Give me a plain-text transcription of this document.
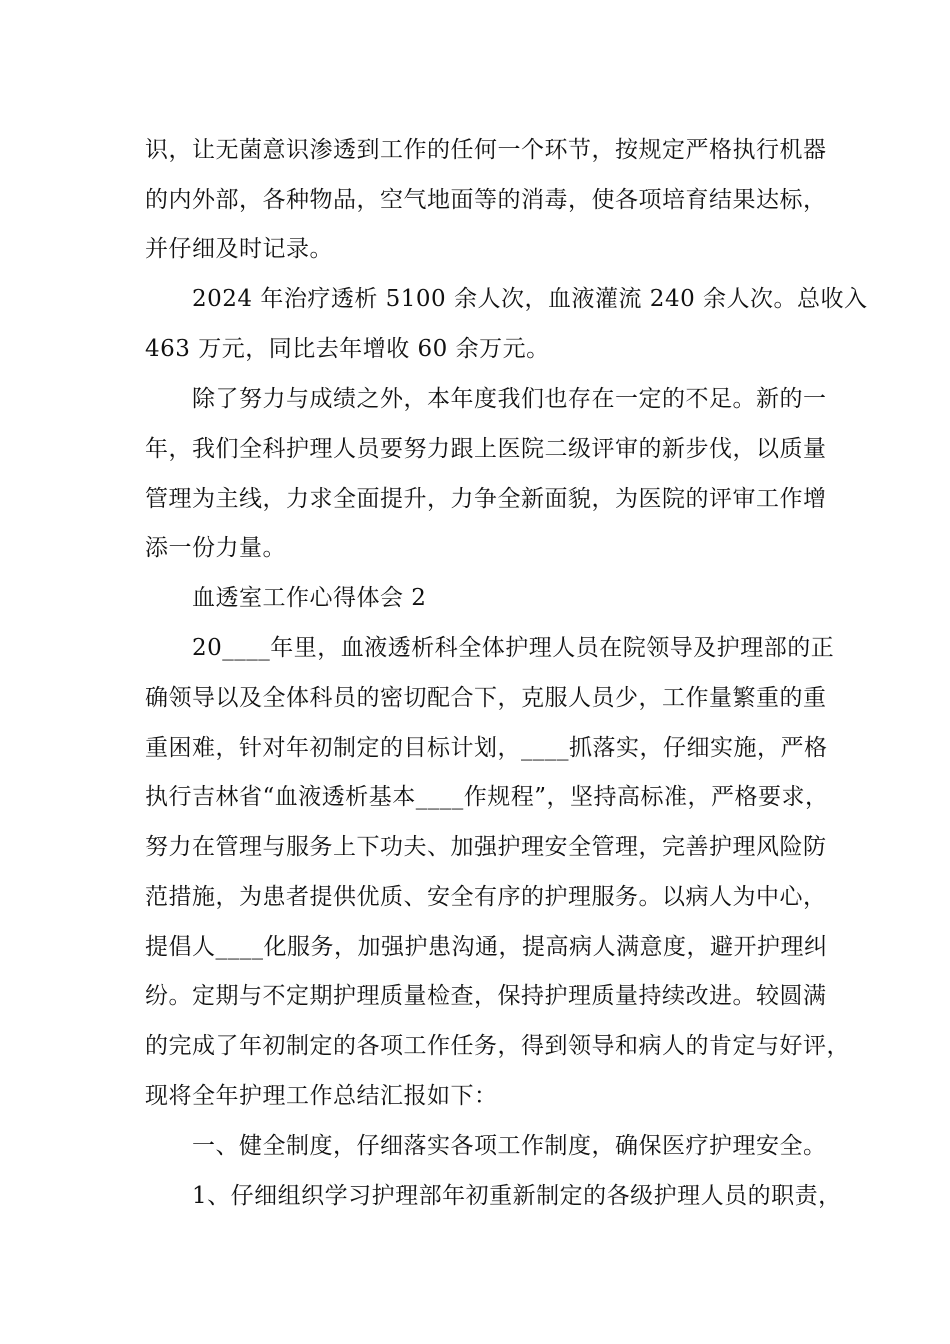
识，让无菌意识渗透到工作的任何一个环节，按规定严格执行机器
的内外部，各种物品，空气地面等的消毒，使各项培育结果达标，
并仔细及时记录。
2024 年治疗透析 5100 余人次，血液灌流 240 余人次。总收入
463 万元，同比去年增收 60 余万元。
除了努力与成绩之外，本年度我们也存在一定的不足。新的一
年，我们全科护理人员要努力跟上医院二级评审的新步伐，以质量
管理为主线，力求全面提升，力争全新面貌，为医院的评审工作增
添一份力量。
血透室工作心得体会 2
20____年里，血液透析科全体护理人员在院领导及护理部的正
确领导以及全体科员的密切配合下，克服人员少，工作量繁重的重
重困难，针对年初制定的目标计划，____抓落实，仔细实施，严格
执行吉林省“血液透析基本____作规程”，坚持高标准，严格要求，
努力在管理与服务上下功夫、加强护理安全管理，完善护理风险防
范措施，为患者提供优质、安全有序的护理服务。以病人为中心，
提倡人____化服务，加强护患沟通，提高病人满意度，避开护理纠
纷。定期与不定期护理质量检查，保持护理质量持续改进。较圆满
的完成了年初制定的各项工作任务，得到领导和病人的肯定与好评，
现将全年护理工作总结汇报如下：
一、健全制度，仔细落实各项工作制度，确保医疗护理安全。
1、仔细组织学习护理部年初重新制定的各级护理人员的职责，
